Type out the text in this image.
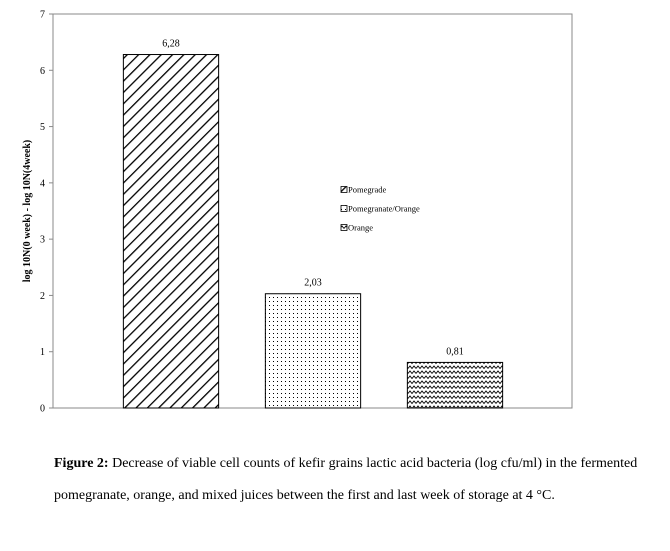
0
1
2
3
4
5
6
7
6,28
2,03
0,81
log 10N(0 week) - log 10N(4week)	Pomegrade
Pomegranate/Orange
Orange
Figure 2: Decrease of viable cell counts of kefir grains lactic acid bacteria (log cfu/ml) in the fermented pomegranate, orange, and mixed juices between the first and last week of storage at 4 °C.
